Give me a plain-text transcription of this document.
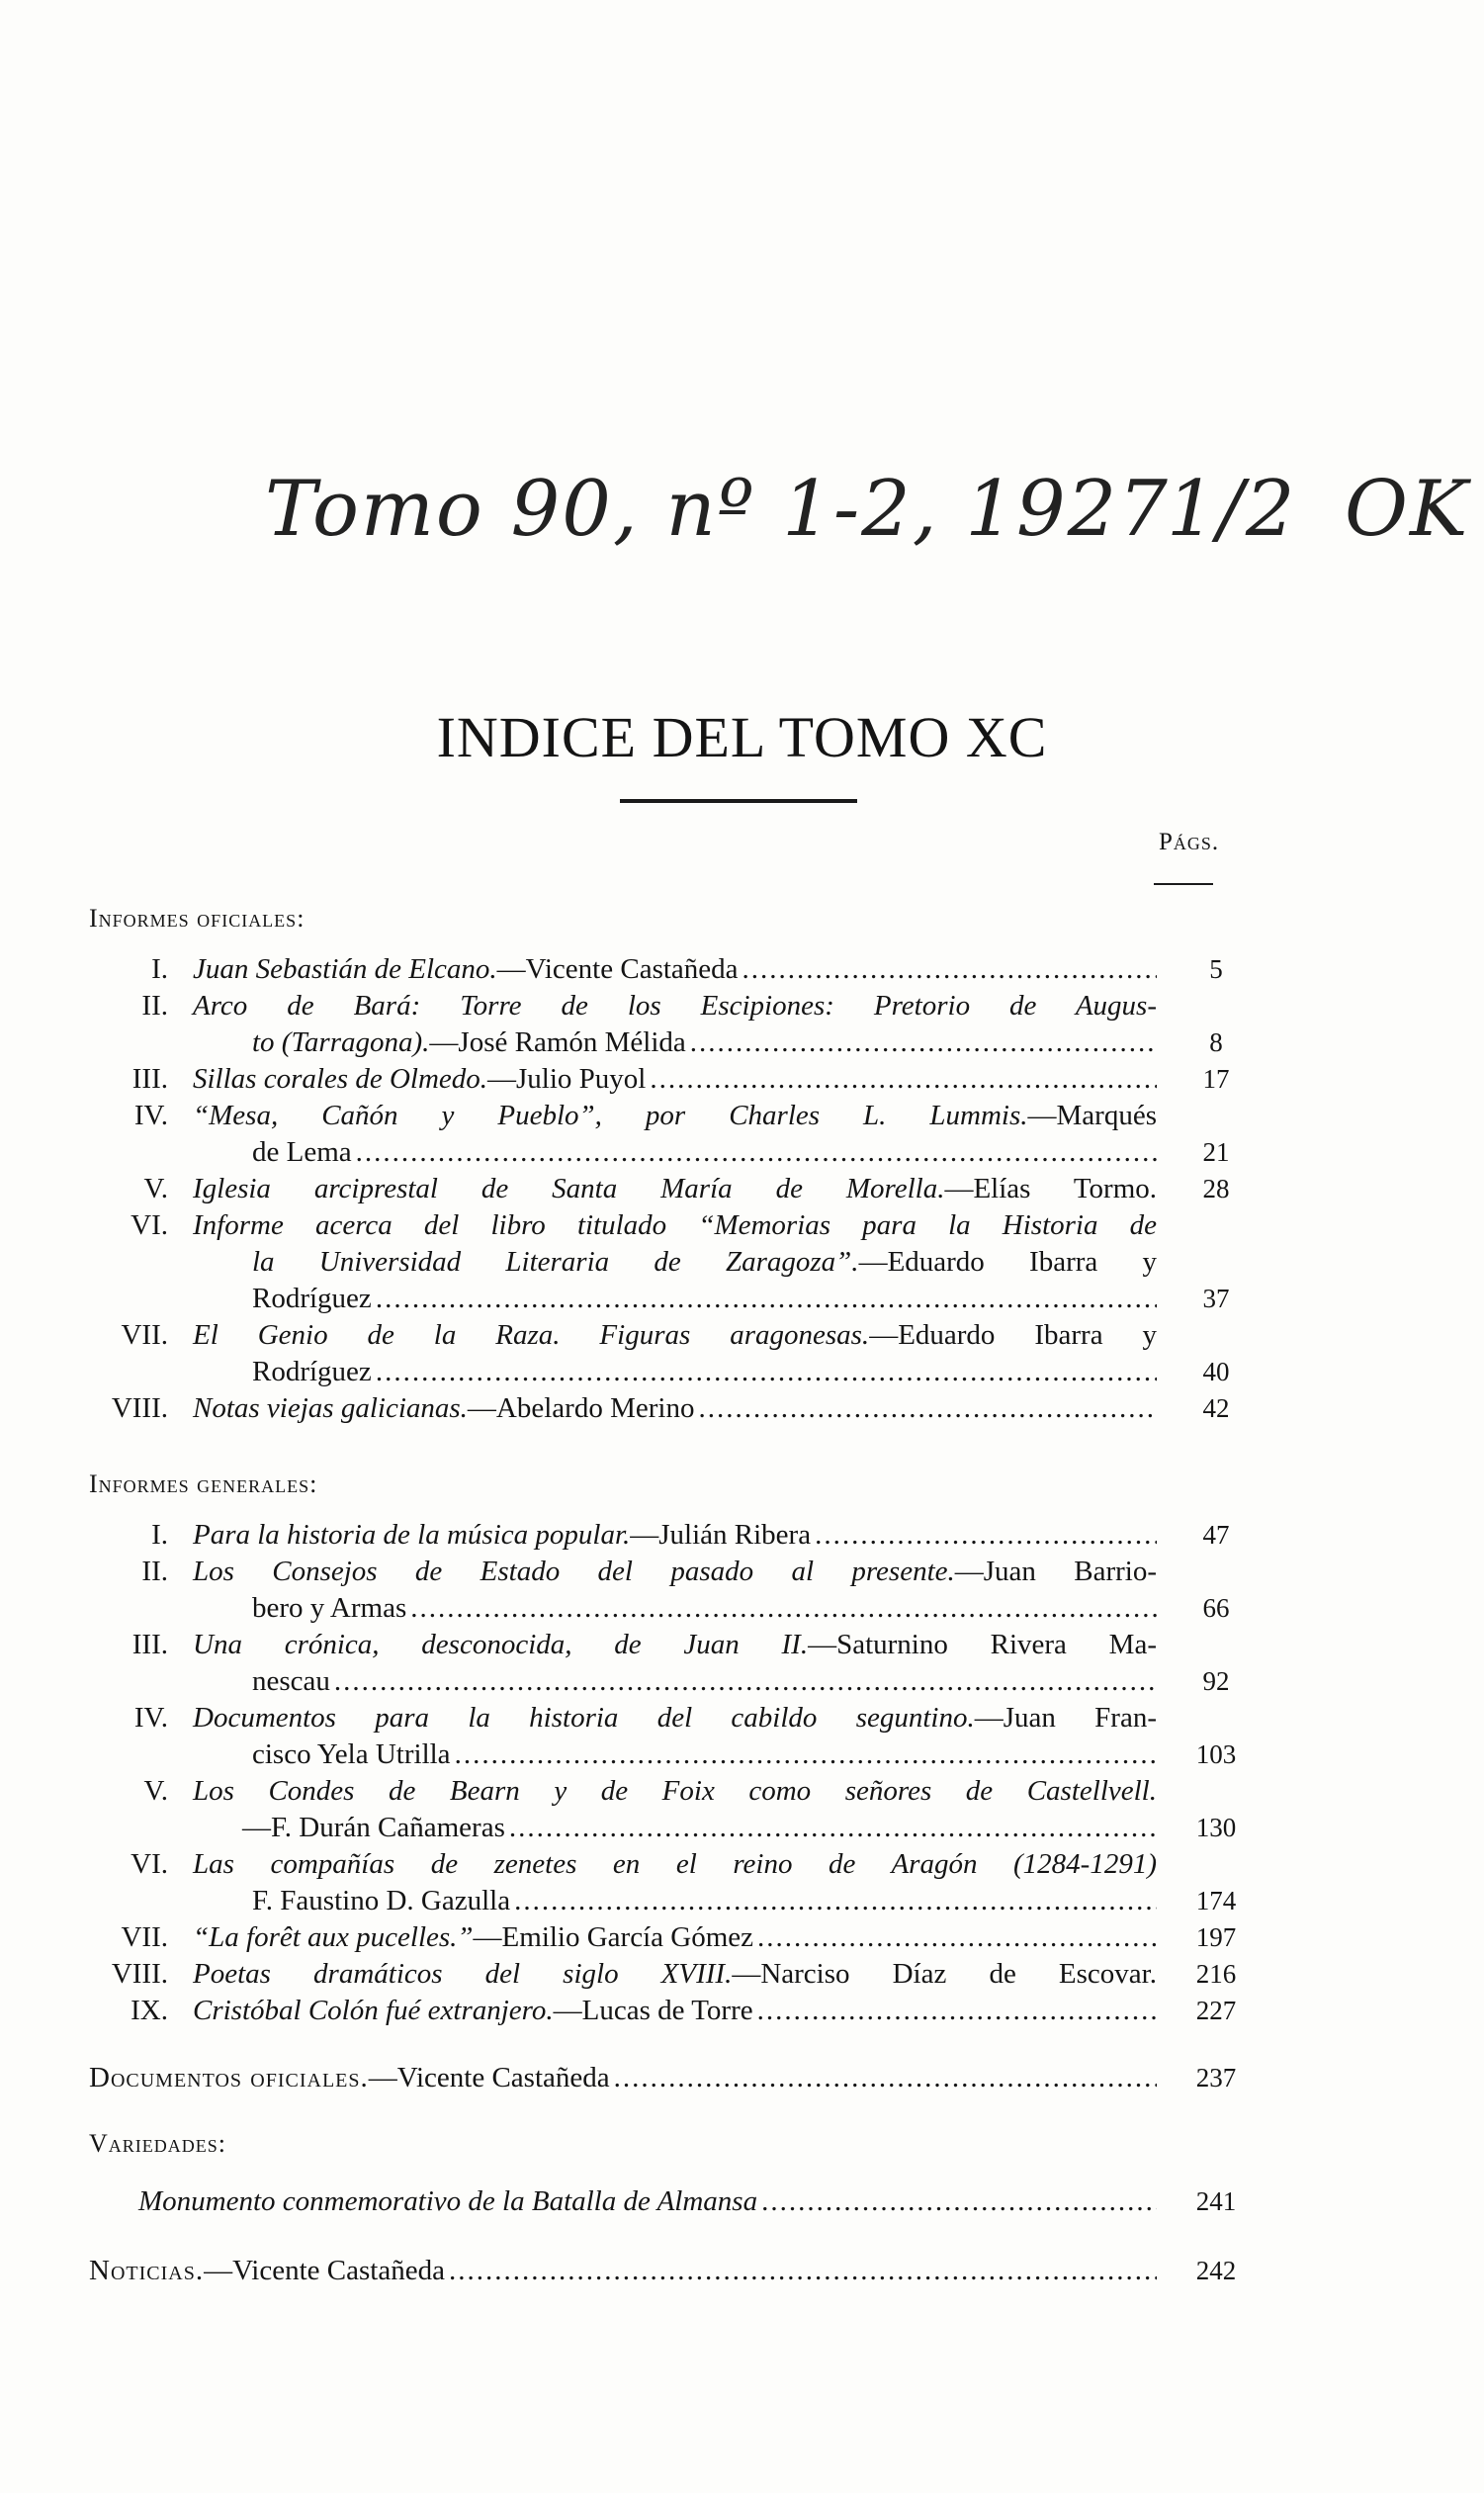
Tomo 90, nº 1-2, 1927
1/2 OK
INDICE DEL TOMO XC
Págs.
Informes oficiales:
I. Juan Sebastián de Elcano.—Vicente Castañeda .....	5
II. Arco de Bará: Torre de los Escipiones: Pretorio de Augus-
to (Tarragona).—José Ramón Mélida .....	8
III. Sillas corales de Olmedo.—Julio Puyol .....	17
IV. “Mesa, Cañón y Pueblo”, por Charles L. Lummis.—Marqués
de Lema .....	21
V. Iglesia arciprestal de Santa María de Morella.—Elías Tormo.	28
VI. Informe acerca del libro titulado “Memorias para la Historia de
la Universidad Literaria de Zaragoza”.—Eduardo Ibarra y
Rodríguez .....	37
VII. El Genio de la Raza. Figuras aragonesas.—Eduardo Ibarra y
Rodríguez .....	40
VIII. Notas viejas galicianas.—Abelardo Merino .....	42
Informes generales:
I. Para la historia de la música popular.—Julián Ribera .....	47
II. Los Consejos de Estado del pasado al presente.—Juan Barrio-
bero y Armas .....	66
III. Una crónica, desconocida, de Juan II.—Saturnino Rivera Ma-
nescau .....	92
IV. Documentos para la historia del cabildo seguntino.—Juan Fran-
cisco Yela Utrilla .....	103
V. Los Condes de Bearn y de Foix como señores de Castellvell.
—F. Durán Cañameras .....	130
VI. Las compañías de zenetes en el reino de Aragón (1284-1291)
F. Faustino D. Gazulla .....	174
VII. “La forêt aux pucelles.”—Emilio García Gómez .....	197
VIII. Poetas dramáticos del siglo XVIII.—Narciso Díaz de Escovar.	216
IX. Cristóbal Colón fué extranjero.—Lucas de Torre .....	227
Documentos oficiales.—Vicente Castañeda .....	237
Variedades:
Monumento conmemorativo de la Batalla de Almansa .....	241
Noticias.—Vicente Castañeda .....	242
